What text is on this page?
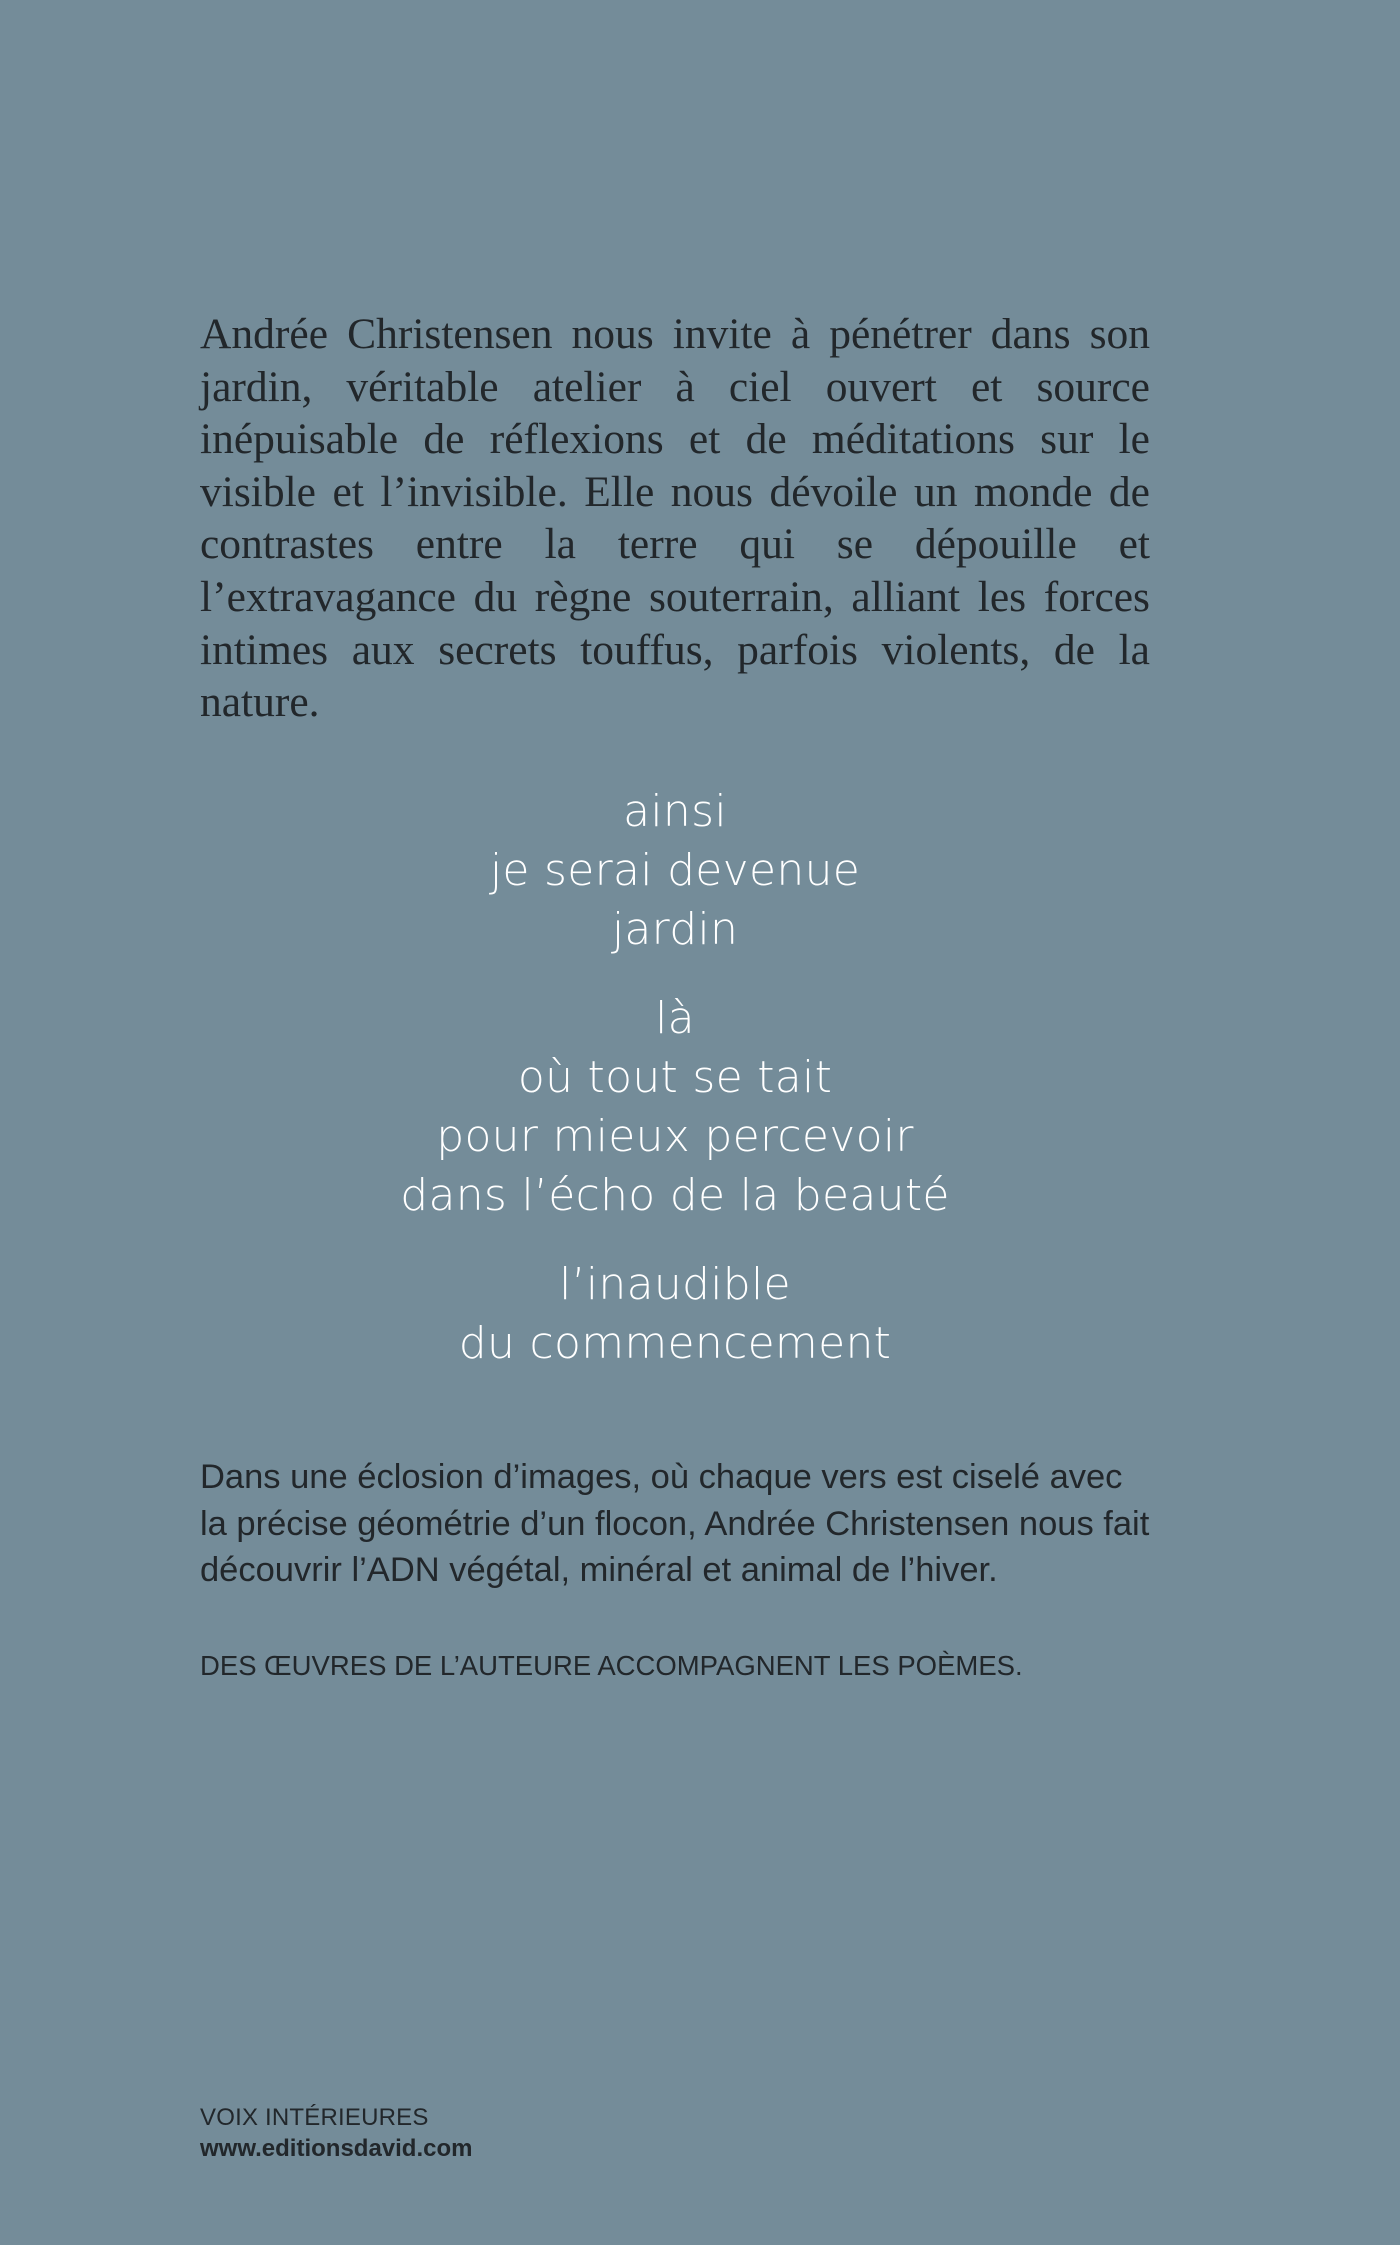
Andrée Christensen nous invite à pénétrer dans son jardin, véritable atelier à ciel ouvert et source inépuisable de réflexions et de méditations sur le visible et l’invisible. Elle nous dévoile un monde de contrastes entre la terre qui se dépouille et l’extravagance du règne souterrain, alliant les forces intimes aux secrets touffus, parfois violents, de la nature.

ainsi
je serai devenue
jardin
là
où tout se tait
pour mieux percevoir
dans l’écho de la beauté
l’inaudible
du commencement

Dans une éclosion d’images, où chaque vers est ciselé avec la précise géométrie d’un flocon, Andrée Christensen nous fait découvrir l’ADN végétal, minéral et animal de l’hiver.

DES ŒUVRES DE L’AUTEURE ACCOMPAGNENT LES POÈMES.

VOIX INTÉRIEURES
www.editionsdavid.com
